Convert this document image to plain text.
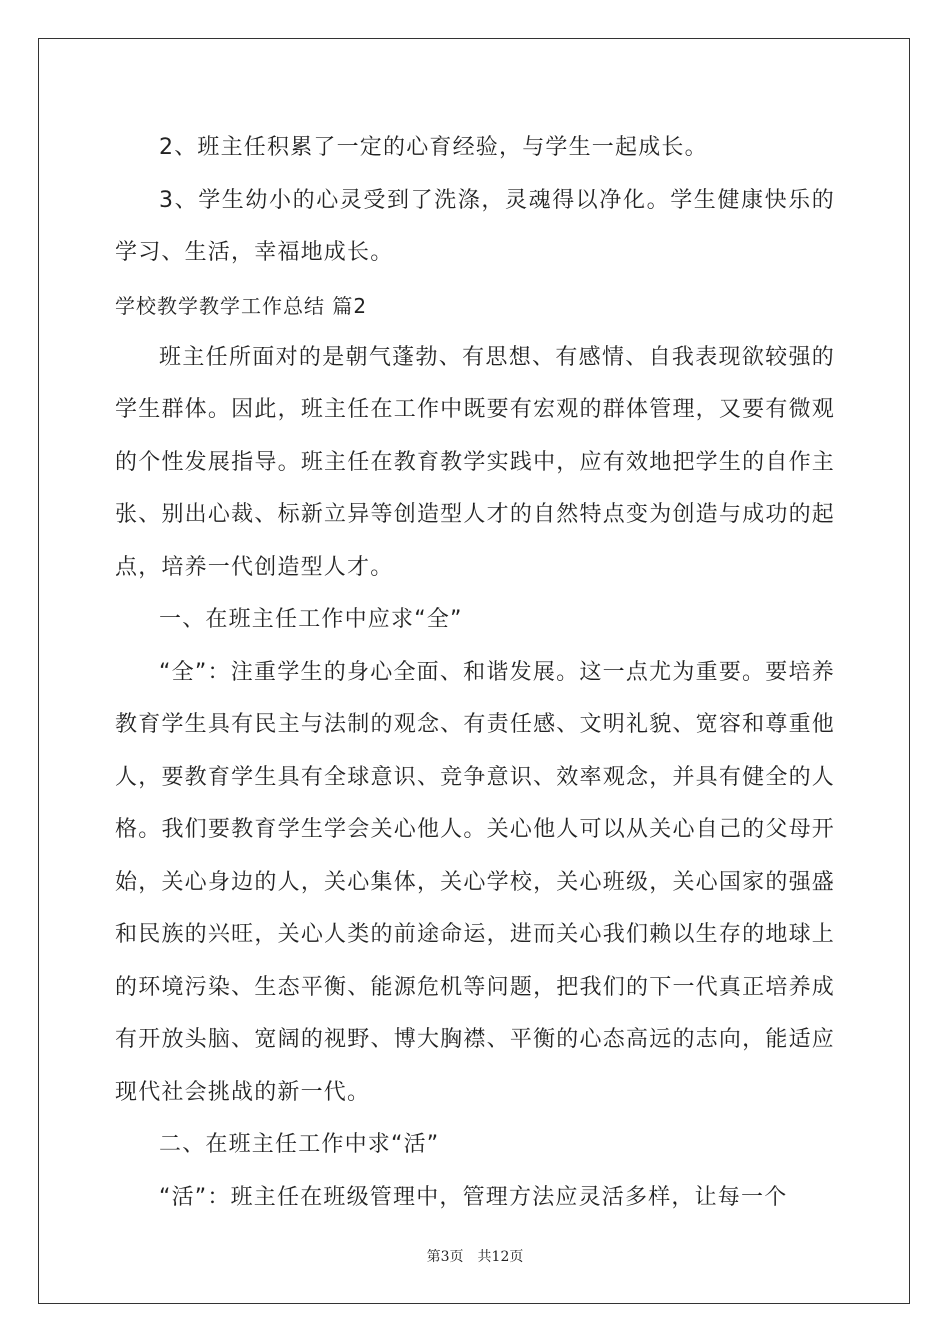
2、班主任积累了一定的心育经验，与学生一起成长。

3、学生幼小的心灵受到了洗涤，灵魂得以净化。学生健康快乐的学习、生活，幸福地成长。

学校教学教学工作总结 篇2

班主任所面对的是朝气蓬勃、有思想、有感情、自我表现欲较强的学生群体。因此，班主任在工作中既要有宏观的群体管理，又要有微观的个性发展指导。班主任在教育教学实践中，应有效地把学生的自作主张、别出心裁、标新立异等创造型人才的自然特点变为创造与成功的起点，培养一代创造型人才。

一、在班主任工作中应求“全”

“全”：注重学生的身心全面、和谐发展。这一点尤为重要。要培养教育学生具有民主与法制的观念、有责任感、文明礼貌、宽容和尊重他人，要教育学生具有全球意识、竞争意识、效率观念，并具有健全的人格。我们要教育学生学会关心他人。关心他人可以从关心自己的父母开始，关心身边的人，关心集体，关心学校，关心班级，关心国家的强盛和民族的兴旺，关心人类的前途命运，进而关心我们赖以生存的地球上的环境污染、生态平衡、能源危机等问题，把我们的下一代真正培养成有开放头脑、宽阔的视野、博大胸襟、平衡的心态高远的志向，能适应现代社会挑战的新一代。

二、在班主任工作中求“活”

“活”：班主任在班级管理中，管理方法应灵活多样，让每一个

第3页 共12页
